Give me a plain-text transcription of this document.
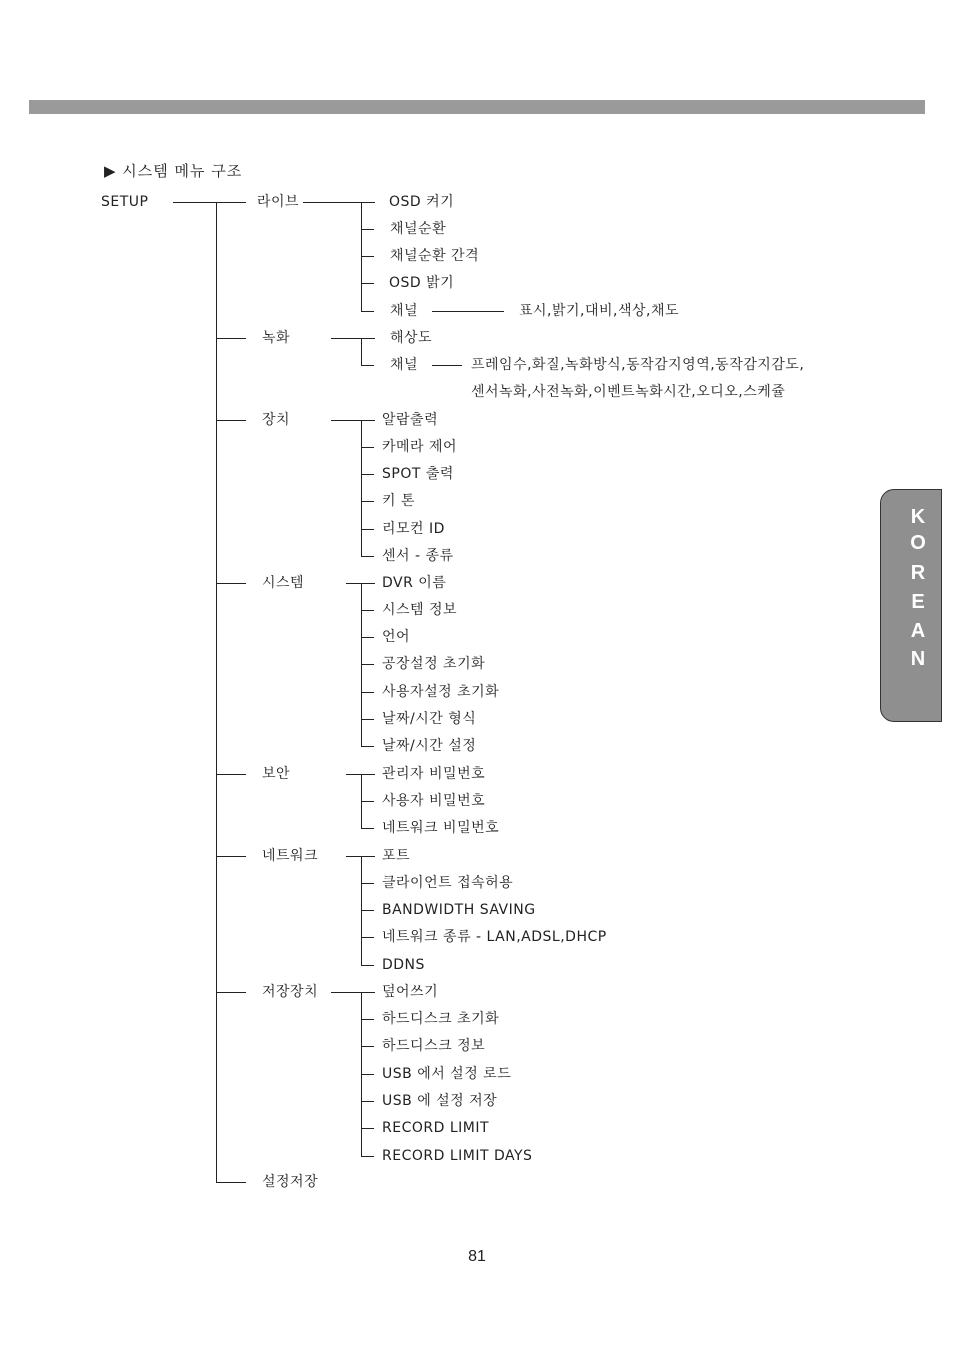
K
O
R
E
A
N
▶ 시스템 메뉴 구조
SETUP	라이브	OSD 켜기
채널순환
채널순환 간격
OSD 밝기
채널	표시,밝기,대비,색상,채도
녹화	해상도
채널	프레임수,화질,녹화방식,동작감지영역,동작감지감도,
센서녹화,사전녹화,이벤트녹화시간,오디오,스케쥴
장치	알람출력
카메라 제어
SPOT 출력
키 톤
리모컨 ID
센서 - 종류
시스템	DVR 이름
시스템 정보
언어
공장설정 초기화
사용자설정 초기화
날짜/시간 형식
날짜/시간 설정
보안	관리자 비밀번호
사용자 비밀번호
네트워크 비밀번호
네트워크	포트
클라이언트 접속허용
BANDWIDTH SAVING
네트워크 종류 - LAN,ADSL,DHCP
DDNS
저장장치	덮어쓰기
하드디스크 초기화
하드디스크 정보
USB 에서 설정 로드
USB 에 설정 저장
RECORD LIMIT
RECORD LIMIT DAYS
설정저장
81
